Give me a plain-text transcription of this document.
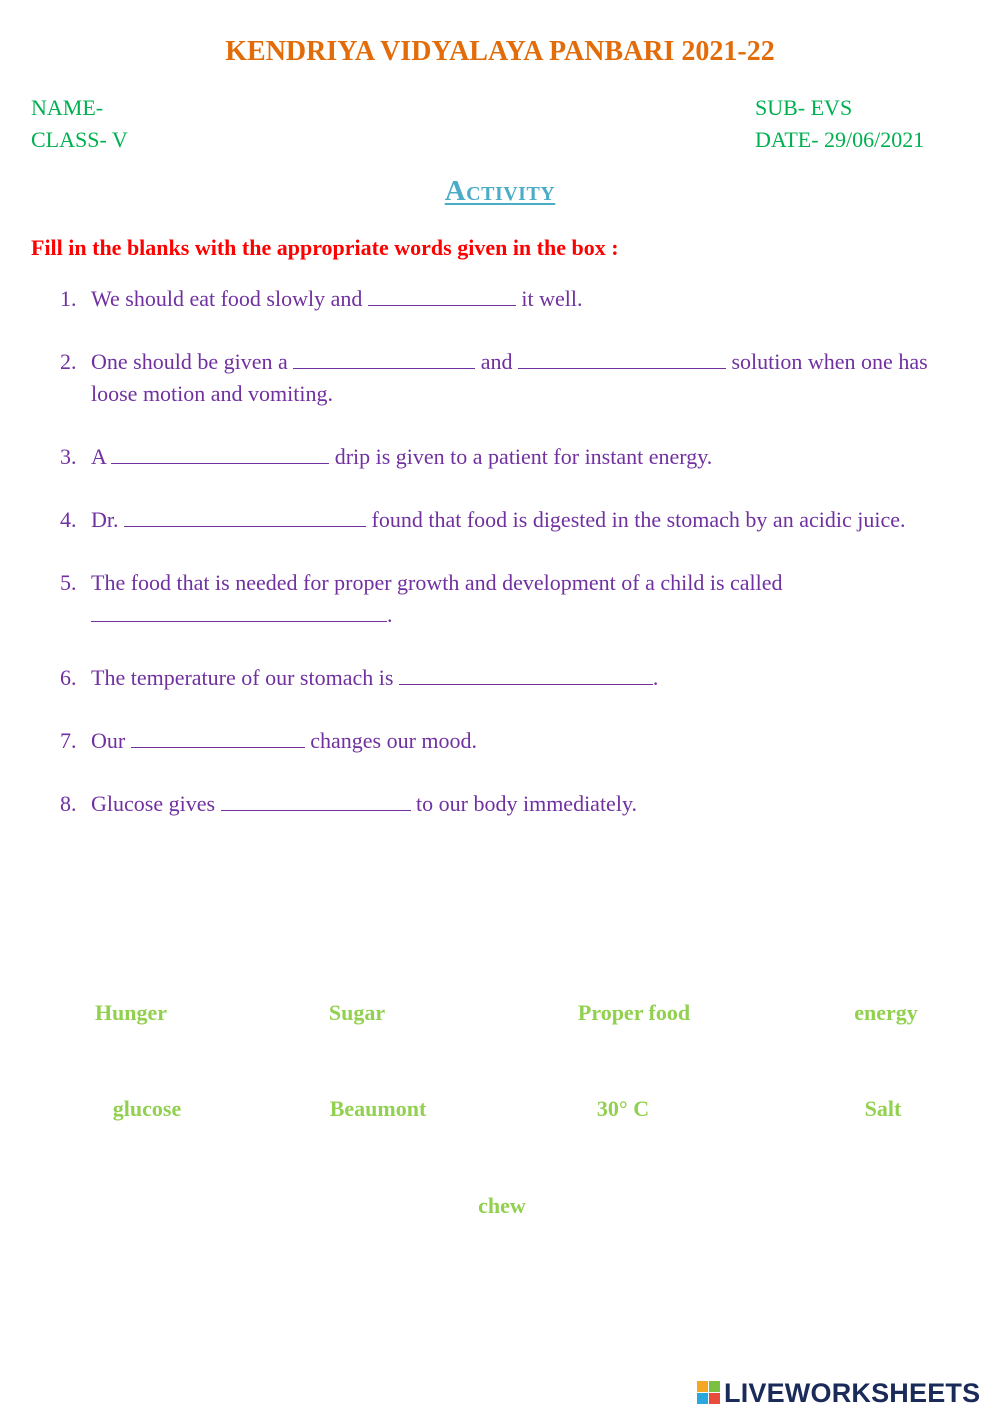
KENDRIYA VIDYALAYA PANBARI 2021-22
NAME-
CLASS- V
SUB- EVS
DATE- 29/06/2021
Activity
Fill in the blanks with the appropriate words given in the box :
1. We should eat food slowly and	it well.
2. One should be given a	and	solution when one has loose motion and vomiting.
3. A	drip is given to a patient for instant energy.
4. Dr.	found that food is digested in the stomach by an acidic juice.
5. The food that is needed for proper growth and development of a child is called .
6. The temperature of our stomach is	.
7. Our	changes our mood.
8. Glucose gives	to our body immediately.
Hunger	Sugar	Proper food	energy
glucose	Beaumont	30° C	Salt
chew
LIVEWORKSHEETS
